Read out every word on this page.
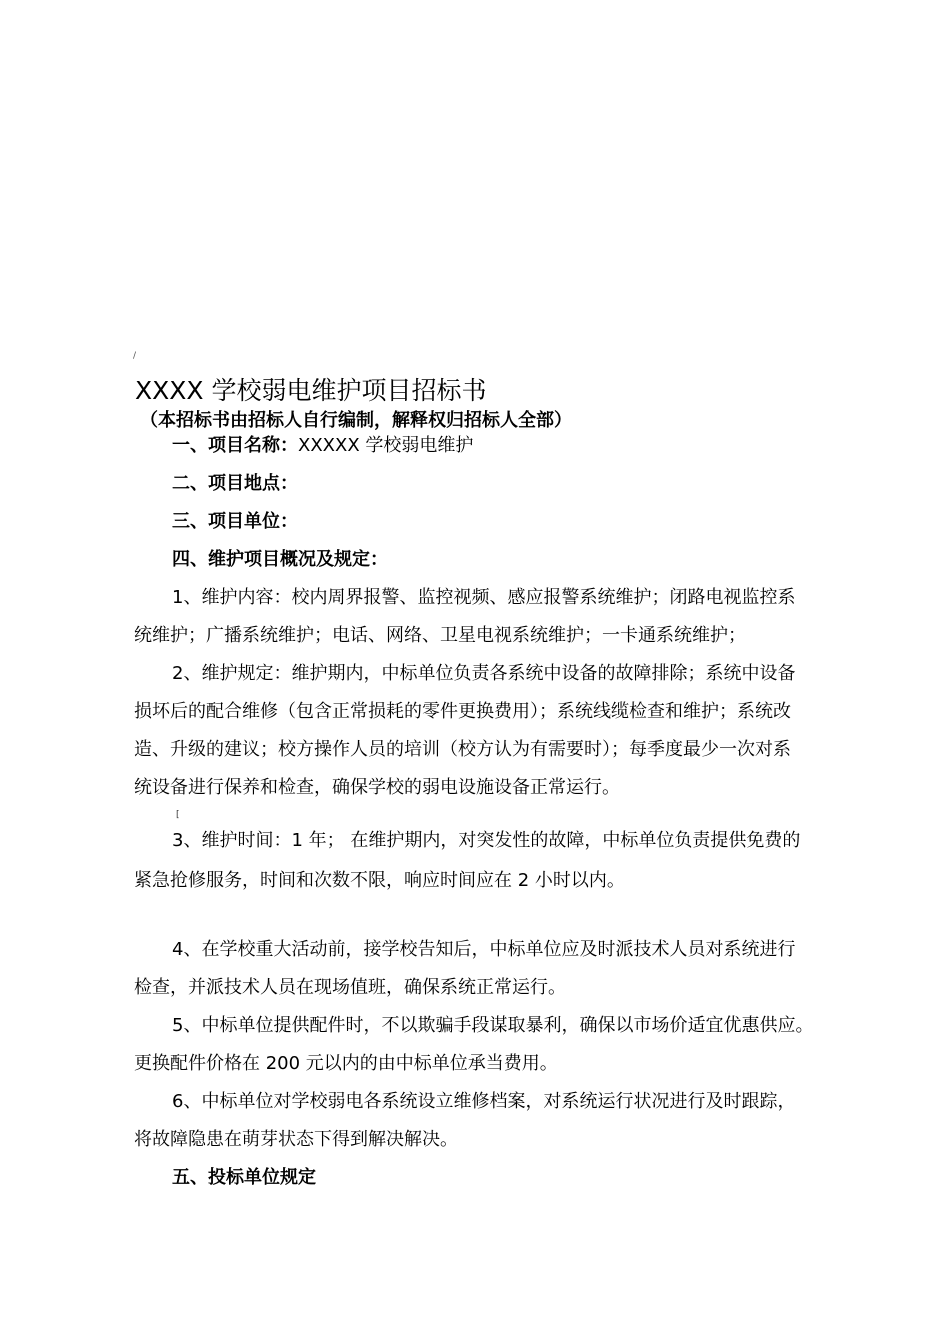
/
XXXX 学校弱电维护项目招标书
（本招标书由招标人自行编制，解释权归招标人全部）
一、项目名称：XXXXX 学校弱电维护
二、项目地点：
三、项目单位：
四、维护项目概况及规定：
1、维护内容：校内周界报警、监控视频、感应报警系统维护；闭路电视监控系
统维护；广播系统维护；电话、网络、卫星电视系统维护；一卡通系统维护；
2、维护规定：维护期内，中标单位负责各系统中设备的故障排除；系统中设备
损坏后的配合维修（包含正常损耗的零件更换费用）；系统线缆检查和维护；系统改
造、升级的建议；校方操作人员的培训（校方认为有需要时）；每季度最少一次对系
统设备进行保养和检查，确保学校的弱电设施设备正常运行。
[
3、维护时间：1 年； 在维护期内，对突发性的故障，中标单位负责提供免费的
紧急抢修服务，时间和次数不限，响应时间应在 2 小时以内。
4、在学校重大活动前，接学校告知后，中标单位应及时派技术人员对系统进行
检查，并派技术人员在现场值班，确保系统正常运行。
5、中标单位提供配件时，不以欺骗手段谋取暴利，确保以市场价适宜优惠供应。
更换配件价格在 200 元以内的由中标单位承当费用。
6、中标单位对学校弱电各系统设立维修档案，对系统运行状况进行及时跟踪，
将故障隐患在萌芽状态下得到解决解决。
五、投标单位规定
